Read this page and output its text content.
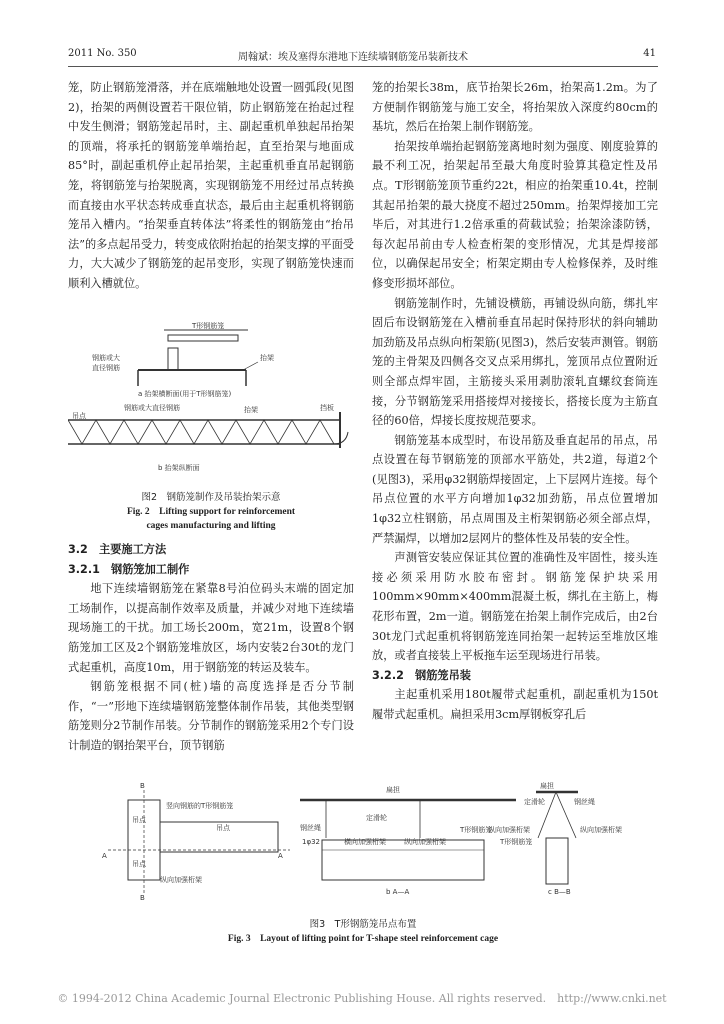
2011 No. 350	周翰斌：埃及塞得东港地下连续墙钢筋笼吊装新技术	41

笼，防止钢筋笼滑落，并在底端触地处设置一圆弧段(见图2)，抬架的两侧设置若干限位销，防止钢筋笼在抬起过程中发生侧滑；钢筋笼起吊时，主、副起重机单独起吊抬架的顶端，将承托的钢筋笼单端抬起，直至抬架与地面成85°时，副起重机停止起吊抬架，主起重机垂直吊起钢筋笼，将钢筋笼与抬架脱离，实现钢筋笼不用经过吊点转换而直接由水平状态转成垂直状态，最后由主起重机将钢筋笼吊入槽内。“抬架垂直转体法”将柔性的钢筋笼由“抬吊法”的多点起吊受力，转变成依附抬起的抬架支撑的平面受力，大大减少了钢筋笼的起吊变形，实现了钢筋笼快速而顺利入槽就位。

T形钢筋笼
钢筋或大
直径钢筋
抬架
a 抬架横断面(用于T形钢筋笼)
吊点
钢筋或大直径钢筋	抬架	挡板
b 抬架纵断面
图2　钢筋笼制作及吊装抬架示意
Fig. 2　Lifting support for reinforcement
cages manufacturing and lifting
3.2　主要施工方法
3.2.1　钢筋笼加工制作

地下连续墙钢筋笼在紧靠8号泊位码头末端的固定加工场制作，以提高制作效率及质量，并减少对地下连续墙现场施工的干扰。加工场长200m，宽21m，设置8个钢筋笼加工区及2个钢筋笼堆放区，场内安装2台30t的龙门式起重机，高度10m，用于钢筋笼的转运及装车。

钢筋笼根据不同(桩)墙的高度选择是否分节制作，“一”形地下连续墙钢筋笼整体制作吊装，其他类型钢筋笼则分2节制作吊装。分节制作的钢筋笼采用2个专门设计制造的钢抬架平台，顶节钢筋

笼的抬架长38m，底节抬架长26m，抬架高1.2m。为了方便制作钢筋笼与施工安全，将抬架放入深度约80cm的基坑，然后在抬架上制作钢筋笼。

抬架按单端抬起钢筋笼离地时刻为强度、刚度验算的最不利工况，抬架起吊至最大角度时验算其稳定性及吊点。T形钢筋笼顶节重约22t，相应的抬架重10.4t，控制其起吊抬架的最大挠度不超过250mm。抬架焊接加工完毕后，对其进行1.2倍承重的荷载试验；抬架涂漆防锈，每次起吊前由专人检查桁架的变形情况，尤其是焊接部位，以确保起吊安全；桁架定期由专人检修保养，及时维修变形损坏部位。

钢筋笼制作时，先铺设横筋，再铺设纵向筋，绑扎牢固后布设钢筋笼在入槽前垂直吊起时保持形状的斜向辅助加劲筋及吊点纵向桁架筋(见图3)，然后安装声测管。钢筋笼的主骨架及四侧各交叉点采用绑扎，笼顶吊点位置附近则全部点焊牢固，主筋接头采用剥肋滚轧直螺纹套筒连接，分节钢筋笼采用搭接焊对接接长，搭接长度为主筋直径的60倍，焊接长度按规范要求。

钢筋笼基本成型时，布设吊筋及垂直起吊的吊点，吊点设置在每节钢筋笼的顶部水平筋处，共2道，每道2个(见图3)，采用φ32钢筋焊接固定，上下层网片连接。每个吊点位置的水平方向增加1φ32加劲筋，吊点位置增加1φ32立柱钢筋，吊点周围及主桁架钢筋必须全部点焊，严禁漏焊，以增加2层网片的整体性及吊装的安全性。

声测管安装应保证其位置的准确性及牢固性，接头连接必须采用防水胶布密封。钢筋笼保护块采用100mm×90mm×400mm混凝土板，绑扎在主筋上，梅花形布置，2m一道。钢筋笼在抬架上制作完成后，由2台30t龙门式起重机将钢筋笼连同抬架一起转运至堆放区堆放，或者直接装上平板拖车运至现场进行吊装。

3.2.2　钢筋笼吊装

主起重机采用180t履带式起重机，副起重机为150t履带式起重机。扁担采用3cm厚钢板穿孔后

B
B
A	A
竖向钢筋的T形钢筋笼
吊点
吊点
吊点
纵向加强桁架
扁担
定滑轮
钢丝绳
1φ32	横向加强桁架	纵向加强桁架
T形钢筋笼
b A—A
扁担
定滑轮	钢丝绳
纵向加强桁架
T形钢筋笼
纵向加强桁架
c B—B
图3　T形钢筋笼吊点布置
Fig. 3　Layout of lifting point for T-shape steel reinforcement cage
© 1994-2012 China Academic Journal Electronic Publishing House. All rights reserved.　http://www.cnki.net
